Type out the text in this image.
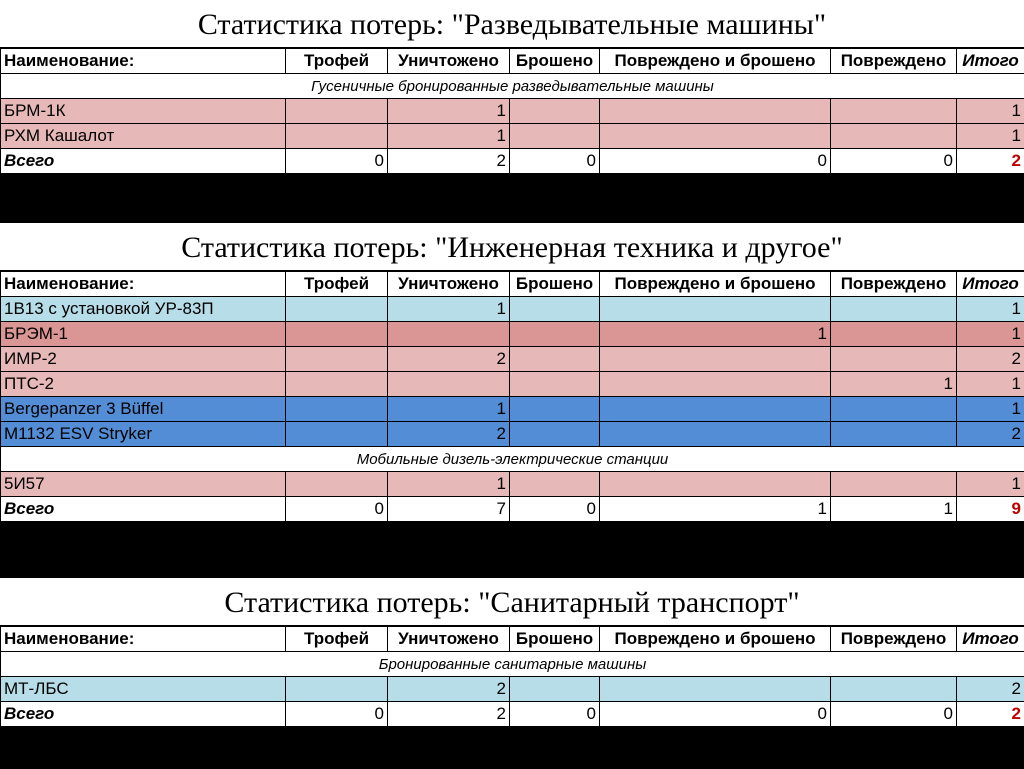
Статистика потерь: "Разведывательные машины"
Наименование:	Трофей	Уничтожено	Брошено	Повреждено и брошено	Повреждено	Итого
Гусеничные бронированные разведывательные машины						
БРМ-1К		1				1
РХМ Кашалот		1				1
Всего	0	2	0	0	0	2
Статистика потерь: "Инженерная техника и другое"
Наименование:	Трофей	Уничтожено	Брошено	Повреждено и брошено	Повреждено	Итого
1В13 с установкой УР-83П		1				1
БРЭМ-1				1		1
ИМР-2		2				2
ПТС-2					1	1
Bergepanzer 3 Büffel		1				1
M1132 ESV Stryker		2				2
Мобильные дизель-электрические станции						
5И57		1				1
Всего	0	7	0	1	1	9
Статистика потерь: "Санитарный транспорт"
Наименование:	Трофей	Уничтожено	Брошено	Повреждено и брошено	Повреждено	Итого
Бронированные санитарные машины						
МТ-ЛБС		2				2
Всего	0	2	0	0	0	2
